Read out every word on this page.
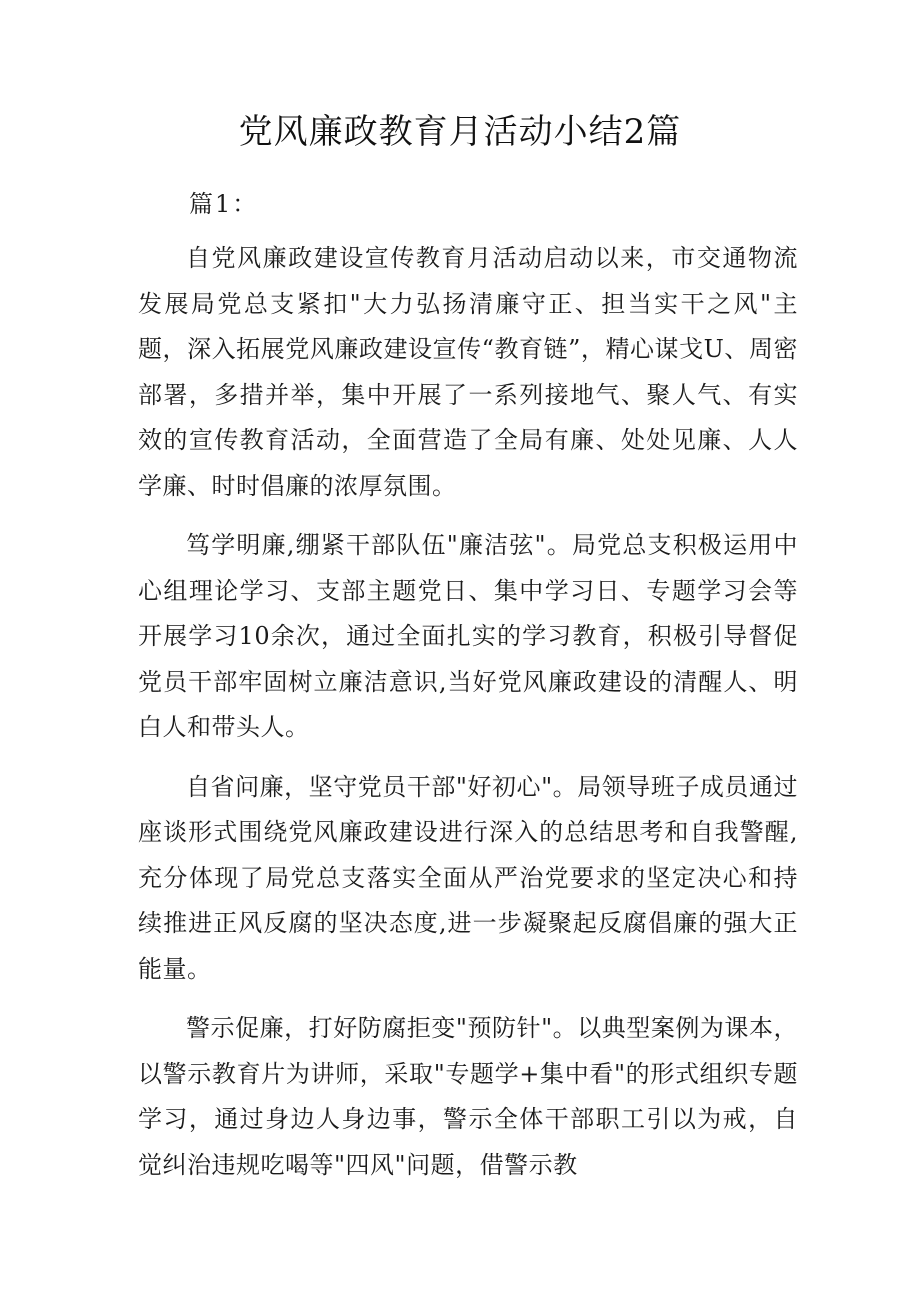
党风廉政教育月活动小结2篇
篇1：

自党风廉政建设宣传教育月活动启动以来，市交通物流发展局党总支紧扣"大力弘扬清廉守正、担当实干之风"主题，深入拓展党风廉政建设宣传“教育链”，精心谋戈U、周密部署，多措并举，集中开展了一系列接地气、聚人气、有实效的宣传教育活动，全面营造了全局有廉、处处见廉、人人学廉、时时倡廉的浓厚氛围。

笃学明廉,绷紧干部队伍"廉洁弦"。局党总支积极运用中心组理论学习、支部主题党日、集中学习日、专题学习会等开展学习10余次，通过全面扎实的学习教育，积极引导督促党员干部牢固树立廉洁意识,当好党风廉政建设的清醒人、明白人和带头人。

自省问廉，坚守党员干部"好初心"。局领导班子成员通过座谈形式围绕党风廉政建设进行深入的总结思考和自我警醒,充分体现了局党总支落实全面从严治党要求的坚定决心和持续推进正风反腐的坚决态度,进一步凝聚起反腐倡廉的强大正能量。

警示促廉，打好防腐拒变"预防针"。以典型案例为课本，以警示教育片为讲师，采取"专题学+集中看"的形式组织专题学习，通过身边人身边事，警示全体干部职工引以为戒，自觉纠治违规吃喝等"四风"问题，借警示教
